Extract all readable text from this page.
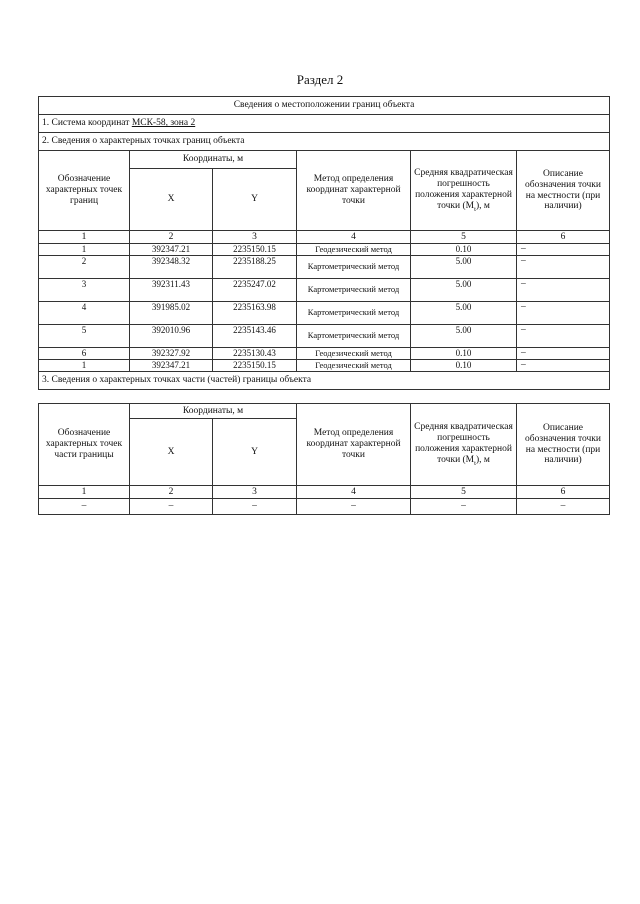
Раздел 2
Сведения о местоположении границ объекта					
1. Система координат МСК-58, зона 2					
2. Сведения о характерных точках границ объекта					
Обозначение характерных точек границ	Координаты, м		Метод определения координат характерной точки	Средняя квадратическая погрешность положения характерной точки $(M_t)$, м	Описание обозначения точки на местности (при наличии)
	X	Y			
1	2	3	4	5	6
1	392347.21	2235150.15	Геодезический метод	0.10	–
2	392348.32	2235188.25	Картометрический метод	5.00	–
3	392311.43	2235247.02	Картометрический метод	5.00	–
4	391985.02	2235163.98	Картометрический метод	5.00	–
5	392010.96	2235143.46	Картометрический метод	5.00	–
6	392327.92	2235130.43	Геодезический метод	0.10	–
1	392347.21	2235150.15	Геодезический метод	0.10	–
3. Сведения о характерных точках части (частей) границы объекта					
Обозначение характерных точек части границы	Координаты, м		Метод определения координат характерной точки	Средняя квадратическая погрешность положения характерной точки $(M_t)$, м	Описание обозначения точки на местности (при наличии)
	X	Y			
1	2	3	4	5	6
–	–	–	–	–	–
